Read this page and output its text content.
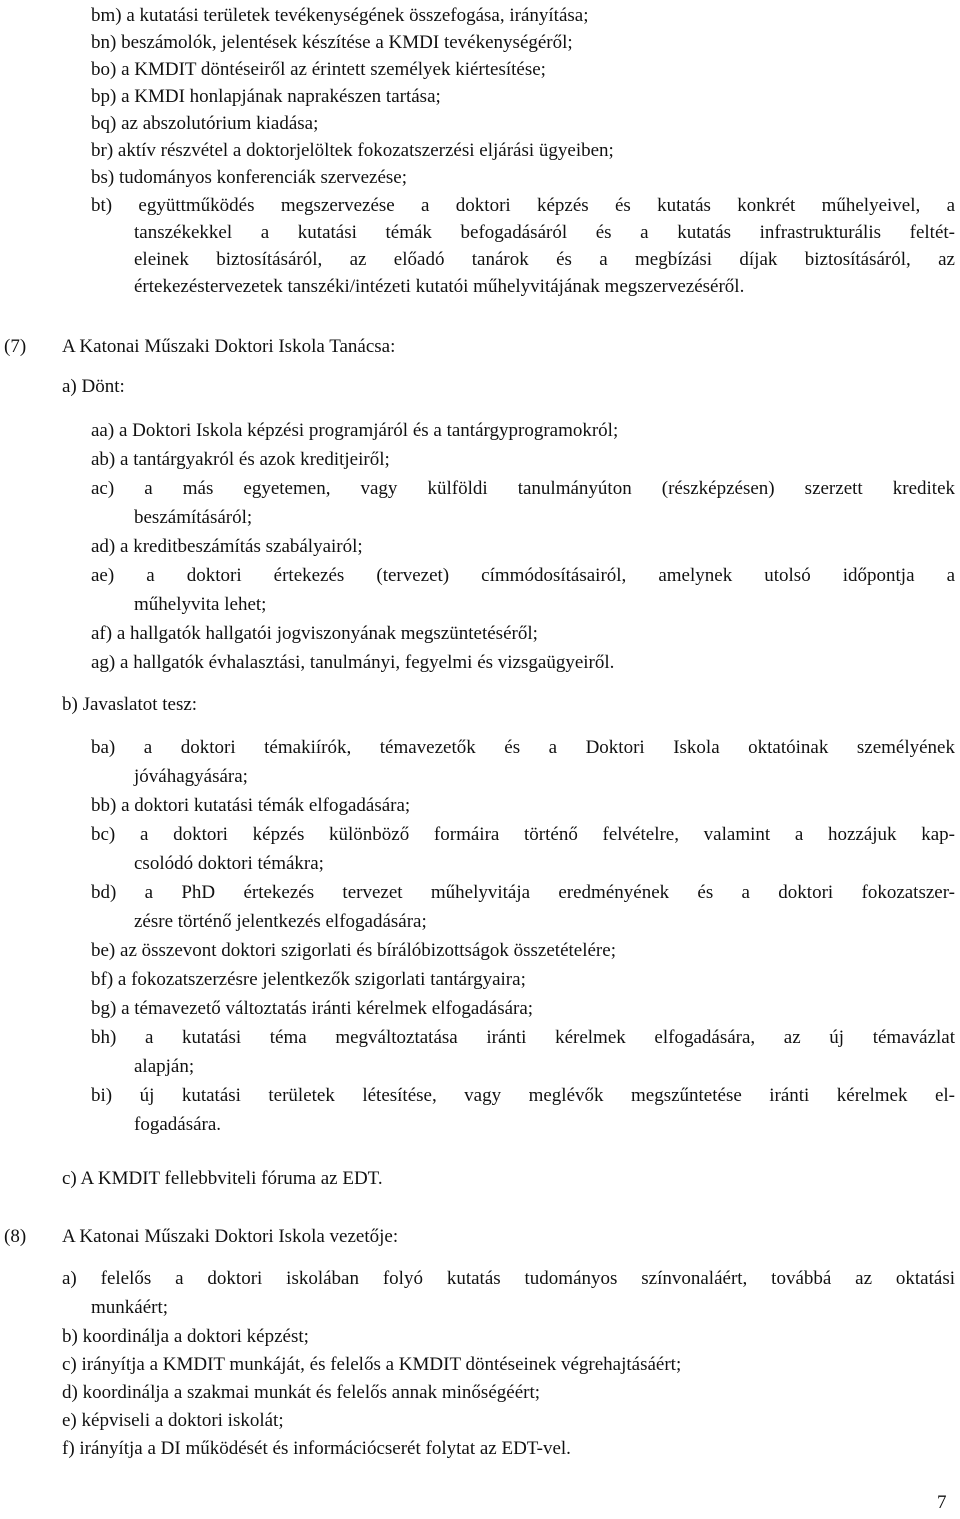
bm) a kutatási területek tevékenységének összefogása, irányítása;
bn) beszámolók, jelentések készítése a KMDI tevékenységéről;
bo) a KMDIT döntéseiről az érintett személyek kiértesítése;
bp) a KMDI honlapjának naprakészen tartása;
bq) az abszolutórium kiadása;
br) aktív részvétel a doktorjelöltek fokozatszerzési eljárási ügyeiben;
bs) tudományos konferenciák szervezése;
bt) együttműködés megszervezése a doktori képzés és kutatás konkrét műhelyeivel, a
tanszékekkel a kutatási témák befogadásáról és a kutatás infrastrukturális feltét-
eleinek biztosításáról, az előadó tanárok és a megbízási díjak biztosításáról, az
értekezéstervezetek tanszéki/intézeti kutatói műhelyvitájának megszervezéséről.
(7) A Katonai Műszaki Doktori Iskola Tanácsa:
a) Dönt:
aa) a Doktori Iskola képzési programjáról és a tantárgyprogramokról;
ab) a tantárgyakról és azok kreditjeiről;
ac) a más egyetemen, vagy külföldi tanulmányúton (részképzésen) szerzett kreditek
beszámításáról;
ad) a kreditbeszámítás szabályairól;
ae) a doktori értekezés (tervezet) címmódosításairól, amelynek utolsó időpontja a
műhelyvita lehet;
af) a hallgatók hallgatói jogviszonyának megszüntetéséről;
ag) a hallgatók évhalasztási, tanulmányi, fegyelmi és vizsgaügyeiről.
b) Javaslatot tesz:
ba) a doktori témakiírók, témavezetők és a Doktori Iskola oktatóinak személyének
jóváhagyására;
bb) a doktori kutatási témák elfogadására;
bc) a doktori képzés különböző formáira történő felvételre, valamint a hozzájuk kap-
csolódó doktori témákra;
bd) a PhD értekezés tervezet műhelyvitája eredményének és a doktori fokozatszer-
zésre történő jelentkezés elfogadására;
be) az összevont doktori szigorlati és bírálóbizottságok összetételére;
bf) a fokozatszerzésre jelentkezők szigorlati tantárgyaira;
bg) a témavezető változtatás iránti kérelmek elfogadására;
bh) a kutatási téma megváltoztatása iránti kérelmek elfogadására, az új témavázlat
alapján;
bi) új kutatási területek létesítése, vagy meglévők megszűntetése iránti kérelmek el-
fogadására.
c) A KMDIT fellebbviteli fóruma az EDT.
(8) A Katonai Műszaki Doktori Iskola vezetője:
a) felelős a doktori iskolában folyó kutatás tudományos színvonaláért, továbbá az oktatási
munkáért;
b) koordinálja a doktori képzést;
c) irányítja a KMDIT munkáját, és felelős a KMDIT döntéseinek végrehajtásáért;
d) koordinálja a szakmai munkát és felelős annak minőségéért;
e) képviseli a doktori iskolát;
f) irányítja a DI működését és információcserét folytat az EDT-vel.
7
